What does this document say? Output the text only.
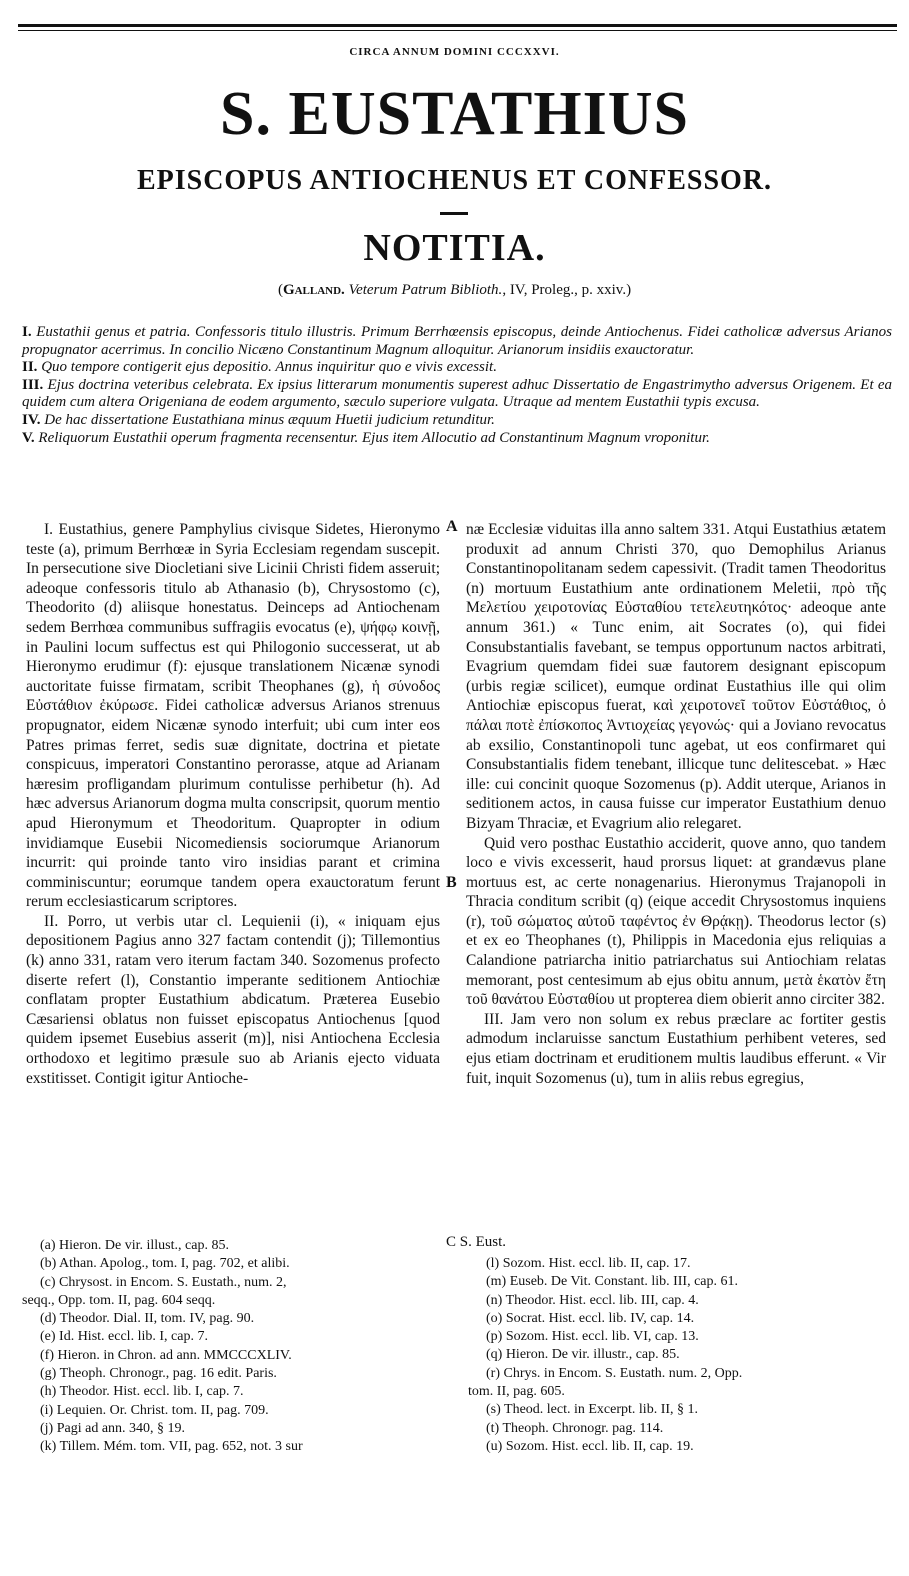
CIRCA ANNUM DOMINI CCCXXVI.
S. EUSTATHIUS
EPISCOPUS ANTIOCHENUS ET CONFESSOR.
NOTITIA.
(Galland. Veterum Patrum Biblioth., IV, Proleg., p. xxiv.)

I. Eustathii genus et patria. Confessoris titulo illustris. Primum Berrhœensis episcopus, deinde Antiochenus. Fidei catholicæ adversus Arianos propugnator acerrimus. In concilio Nicæno Constantinum Magnum alloquitur. Arianorum insidiis exauctoratur.

II. Quo tempore contigerit ejus depositio. Annus inquiritur quo e vivis excessit.

III. Ejus doctrina veteribus celebrata. Ex ipsius litterarum monumentis superest adhuc Dissertatio de Engastrimytho adversus Origenem. Et ea quidem cum altera Origeniana de eodem argumento, sæculo superiore vulgata. Utraque ad mentem Eustathii typis excusa.

IV. De hac dissertatione Eustathiana minus æquum Huetii judicium retunditur.

V. Reliquorum Eustathii operum fragmenta recensentur. Ejus item Allocutio ad Constantinum Magnum vroponitur.

I. Eustathius, genere Pamphylius civisque Sidetes, Hieronymo teste (a), primum Berrhœæ in Syria Ecclesiam regendam suscepit. In persecutione sive Diocletiani sive Licinii Christi fidem asseruit; adeoque confessoris titulo ab Athanasio (b), Chrysostomo (c), Theodorito (d) aliisque honestatus. Deinceps ad Antiochenam sedem Berrhœa communibus suffragiis evocatus (e), ψήφῳ κοινῇ, in Paulini locum suffectus est qui Philogonio successerat, ut ab Hieronymo erudimur (f): ejusque translationem Nicænæ synodi auctoritate fuisse firmatam, scribit Theophanes (g), ἡ σύνοδος Εὐστάθιον ἐκύρωσε. Fidei catholicæ adversus Arianos strenuus propugnator, eidem Nicænæ synodo interfuit; ubi cum inter eos Patres primas ferret, sedis suæ dignitate, doctrina et pietate conspicuus, imperatori Constantino perorasse, atque ad Arianam hæresim profligandam plurimum contulisse perhibetur (h). Ad hæc adversus Arianorum dogma multa conscripsit, quorum mentio apud Hieronymum et Theodoritum. Quapropter in odium invidiamque Eusebii Nicomediensis sociorumque Arianorum incurrit: qui proinde tanto viro insidias parant et crimina comminiscuntur; eorumque tandem opera exauctoratum ferunt rerum ecclesiasticarum scriptores.

II. Porro, ut verbis utar cl. Lequienii (i), « iniquam ejus depositionem Pagius anno 327 factam contendit (j); Tillemontius (k) anno 331, ratam vero iterum factam 340. Sozomenus profecto diserte refert (l), Constantio imperante seditionem Antiochiæ conflatam propter Eustathium abdicatum. Præterea Eusebio Cæsariensi oblatus non fuisset episcopatus Antiochenus [quod quidem ipsemet Eusebius asserit (m)], nisi Antiochena Ecclesia orthodoxo et legitimo præsule suo ab Arianis ejecto viduata exstitisset. Contigit igitur Antioche-

A
B

næ Ecclesiæ viduitas illa anno saltem 331. Atqui Eustathius ætatem produxit ad annum Christi 370, quo Demophilus Arianus Constantinopolitanam sedem capessivit. (Tradit tamen Theodoritus (n) mortuum Eustathium ante ordinationem Meletii, πρὸ τῆς Μελετίου χειροτονίας Εὐσταθίου τετελευτηκότος· adeoque ante annum 361.) « Tunc enim, ait Socrates (o), qui fidei Consubstantialis favebant, se tempus opportunum nactos arbitrati, Evagrium quemdam fidei suæ fautorem designant episcopum (urbis regiæ scilicet), eumque ordinat Eustathius ille qui olim Antiochiæ episcopus fuerat, καὶ χειροτονεῖ τοῦτον Εὐστάθιος, ὁ πάλαι ποτὲ ἐπίσκοπος Ἀντιοχείας γεγονώς· qui a Joviano revocatus ab exsilio, Constantinopoli tunc agebat, ut eos confirmaret qui Consubstantialis fidem tenebant, illicque tunc delitescebat. » Hæc ille: cui concinit quoque Sozomenus (p). Addit uterque, Arianos in seditionem actos, in causa fuisse cur imperator Eustathium denuo Bizyam Thraciæ, et Evagrium alio relegaret.

Quid vero posthac Eustathio acciderit, quove anno, quo tandem loco e vivis excesserit, haud prorsus liquet: at grandævus plane mortuus est, ac certe nonagenarius. Hieronymus Trajanopoli in Thracia conditum scribit (q) (eique accedit Chrysostomus inquiens (r), τοῦ σώματος αὐτοῦ ταφέντος ἐν Θρᾴκῃ). Theodorus lector (s) et ex eo Theophanes (t), Philippis in Macedonia ejus reliquias a Calandione patriarcha initio patriarchatus sui Antiochiam relatas memorant, post centesimum ab ejus obitu annum, μετὰ ἑκατὸν ἔτη τοῦ θανάτου Εὐσταθίου ut propterea diem obierit anno circiter 382.

III. Jam vero non solum ex rebus præclare ac fortiter gestis admodum inclaruisse sanctum Eustathium perhibent veteres, sed ejus etiam doctrinam et eruditionem multis laudibus efferunt. « Vir fuit, inquit Sozomenus (u), tum in aliis rebus egregius,

C S. Eust.

(a) Hieron. De vir. illust., cap. 85.

(b) Athan. Apolog., tom. I, pag. 702, et alibi.

(c) Chrysost. in Encom. S. Eustath., num. 2,

seqq., Opp. tom. II, pag. 604 seqq.

(d) Theodor. Dial. II, tom. IV, pag. 90.

(e) Id. Hist. eccl. lib. I, cap. 7.

(f) Hieron. in Chron. ad ann. MMCCCXLIV.

(g) Theoph. Chronogr., pag. 16 edit. Paris.

(h) Theodor. Hist. eccl. lib. I, cap. 7.

(i) Lequien. Or. Christ. tom. II, pag. 709.

(j) Pagi ad ann. 340, § 19.

(k) Tillem. Mém. tom. VII, pag. 652, not. 3 sur

(l) Sozom. Hist. eccl. lib. II, cap. 17.

(m) Euseb. De Vit. Constant. lib. III, cap. 61.

(n) Theodor. Hist. eccl. lib. III, cap. 4.

(o) Socrat. Hist. eccl. lib. IV, cap. 14.

(p) Sozom. Hist. eccl. lib. VI, cap. 13.

(q) Hieron. De vir. illustr., cap. 85.

(r) Chrys. in Encom. S. Eustath. num. 2, Opp.

tom. II, pag. 605.

(s) Theod. lect. in Excerpt. lib. II, § 1.

(t) Theoph. Chronogr. pag. 114.

(u) Sozom. Hist. eccl. lib. II, cap. 19.
